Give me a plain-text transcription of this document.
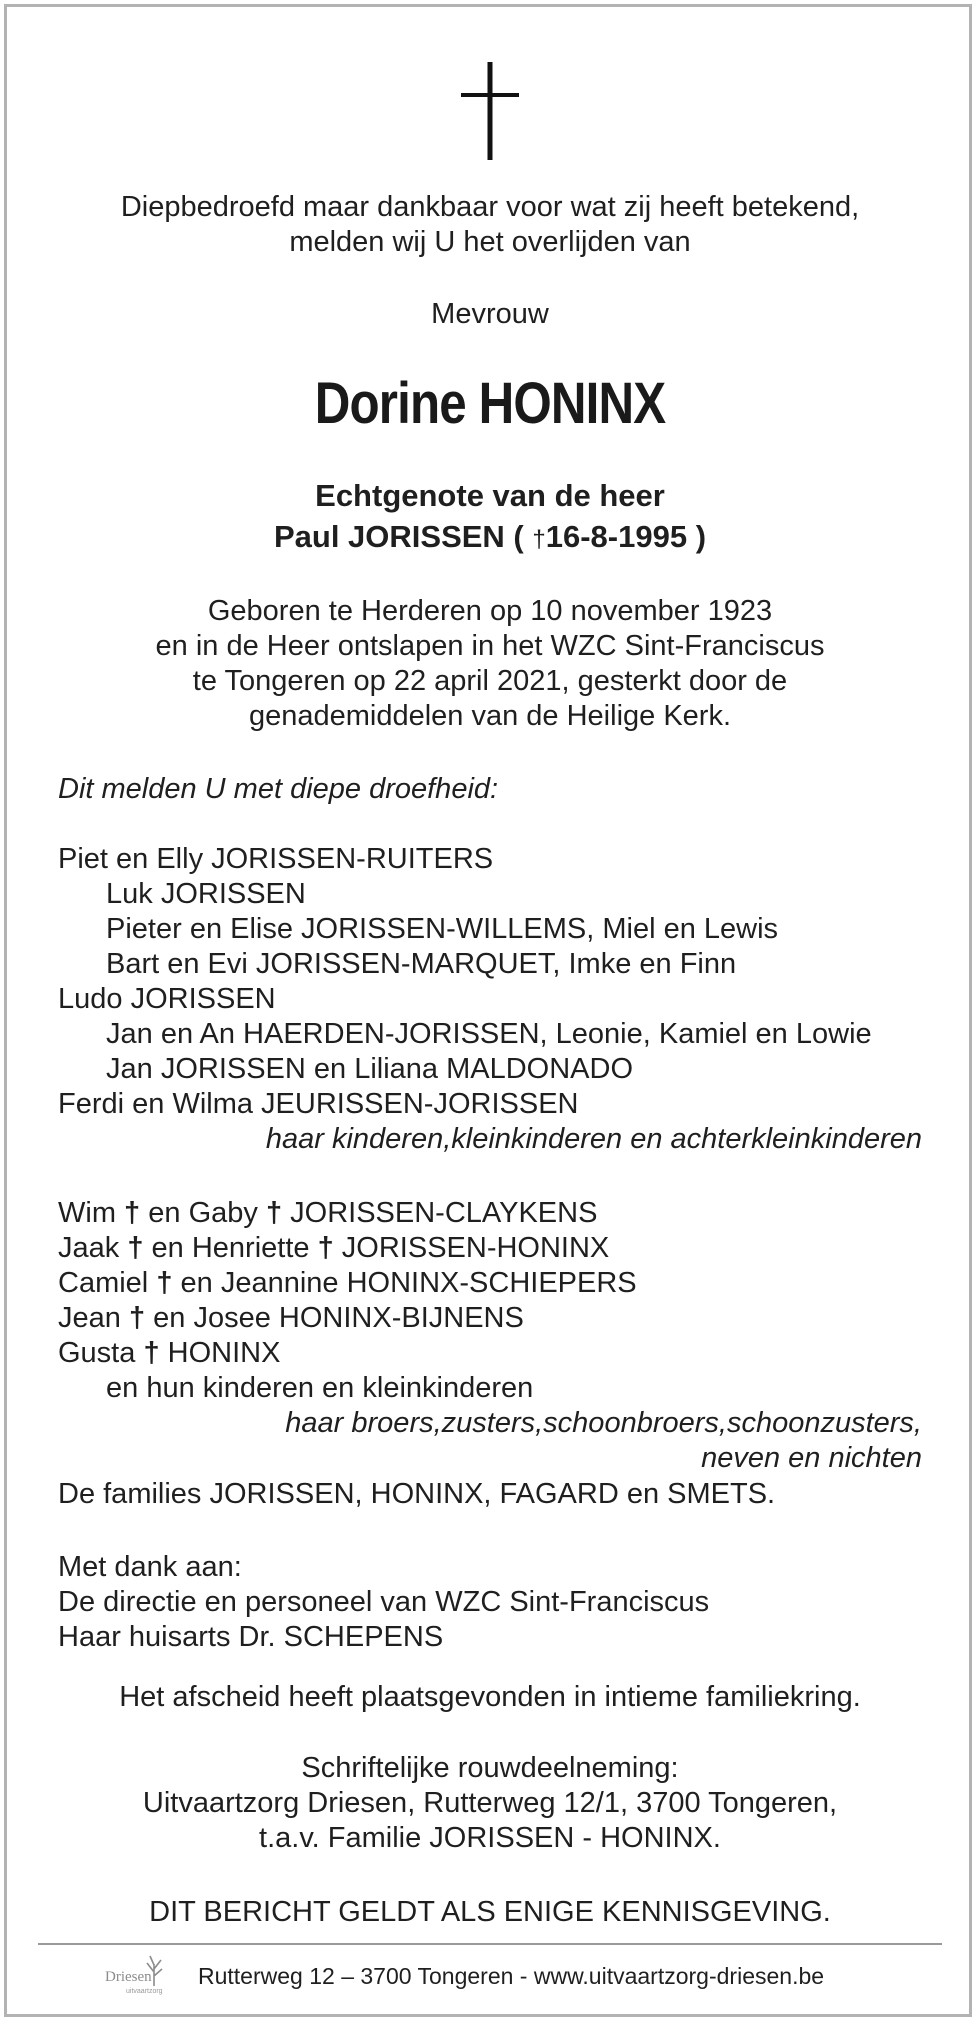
Diepbedroefd maar dankbaar voor wat zij heeft betekend,
melden wij U het overlijden van
Mevrouw
Dorine HONINX
Echtgenote van de heer
Paul JORISSEN ( †16-8-1995 )
Geboren te Herderen op 10 november 1923
en in de Heer ontslapen in het WZC Sint-Franciscus
te Tongeren op 22 april 2021, gesterkt door de
genademiddelen van de Heilige Kerk.
Dit melden U met diepe droefheid:
Piet en Elly JORISSEN-RUITERS
Luk JORISSEN
Pieter en Elise JORISSEN-WILLEMS, Miel en Lewis
Bart en Evi JORISSEN-MARQUET, Imke en Finn
Ludo JORISSEN
Jan en An HAERDEN-JORISSEN, Leonie, Kamiel en Lowie
Jan JORISSEN en Liliana MALDONADO
Ferdi en Wilma JEURISSEN-JORISSEN
haar kinderen,kleinkinderen en achterkleinkinderen
Wim † en Gaby † JORISSEN-CLAYKENS
Jaak † en Henriette † JORISSEN-HONINX
Camiel † en Jeannine HONINX-SCHIEPERS
Jean † en Josee HONINX-BIJNENS
Gusta † HONINX
en hun kinderen en kleinkinderen
haar broers,zusters,schoonbroers,schoonzusters,
neven en nichten
De families JORISSEN, HONINX, FAGARD en SMETS.
Met dank aan:
De directie en personeel van WZC Sint-Franciscus
Haar huisarts Dr. SCHEPENS
Het afscheid heeft plaatsgevonden in intieme familiekring.
Schriftelijke rouwdeelneming:
Uitvaartzorg Driesen, Rutterweg 12/1, 3700 Tongeren,
t.a.v. Familie JORISSEN - HONINX.
DIT BERICHT GELDT ALS ENIGE KENNISGEVING.
Driesen
uitvaartzorg
Rutterweg 12 – 3700 Tongeren - www.uitvaartzorg-driesen.be
